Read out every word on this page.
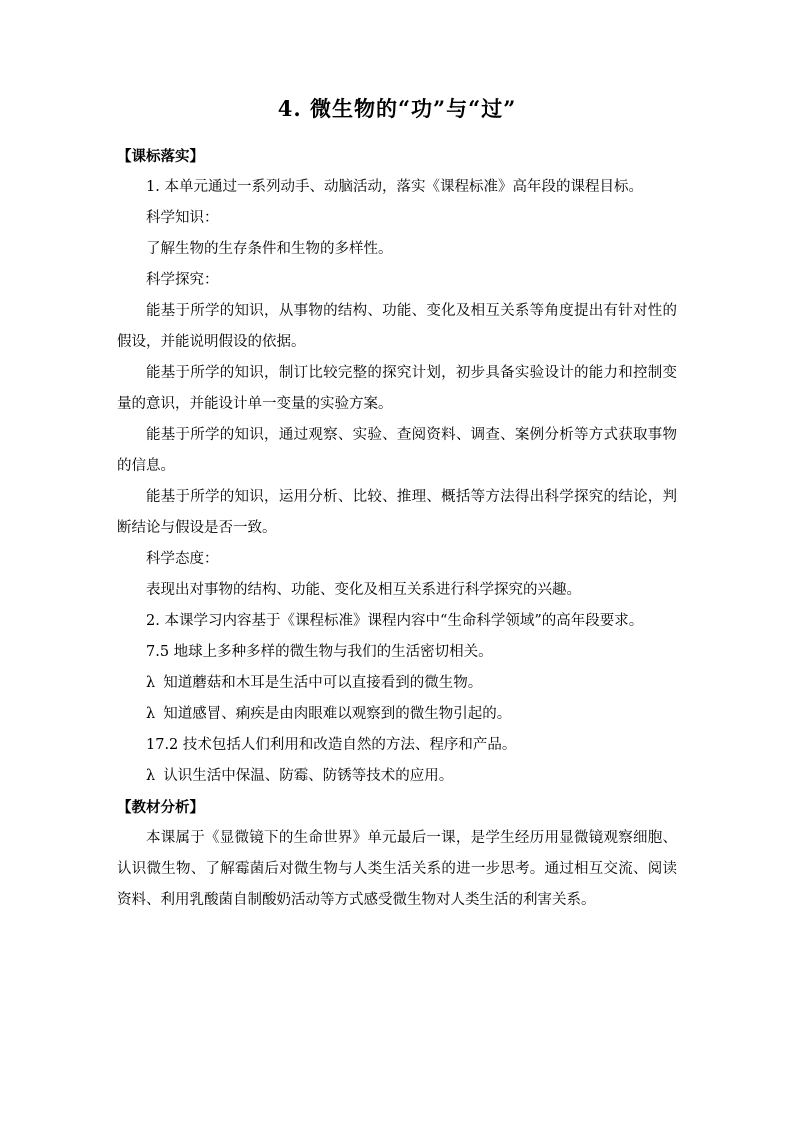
4. 微生物的“功”与“过”
【课标落实】

1. 本单元通过一系列动手、动脑活动，落实《课程标准》高年段的课程目标。

科学知识：

了解生物的生存条件和生物的多样性。

科学探究：

能基于所学的知识，从事物的结构、功能、变化及相互关系等角度提出有针对性的假设，并能说明假设的依据。

能基于所学的知识，制订比较完整的探究计划，初步具备实验设计的能力和控制变量的意识，并能设计单一变量的实验方案。

能基于所学的知识，通过观察、实验、查阅资料、调查、案例分析等方式获取事物的信息。

能基于所学的知识，运用分析、比较、推理、概括等方法得出科学探究的结论，判断结论与假设是否一致。

科学态度：

表现出对事物的结构、功能、变化及相互关系进行科学探究的兴趣。

2. 本课学习内容基于《课程标准》课程内容中“生命科学领域”的高年段要求。

7.5 地球上多种多样的微生物与我们的生活密切相关。

λ 知道蘑菇和木耳是生活中可以直接看到的微生物。

λ 知道感冒、痢疾是由肉眼难以观察到的微生物引起的。

17.2 技术包括人们利用和改造自然的方法、程序和产品。

λ 认识生活中保温、防霉、防锈等技术的应用。

【教材分析】

本课属于《显微镜下的生命世界》单元最后一课，是学生经历用显微镜观察细胞、认识微生物、了解霉菌后对微生物与人类生活关系的进一步思考。通过相互交流、阅读资料、利用乳酸菌自制酸奶活动等方式感受微生物对人类生活的利害关系。
